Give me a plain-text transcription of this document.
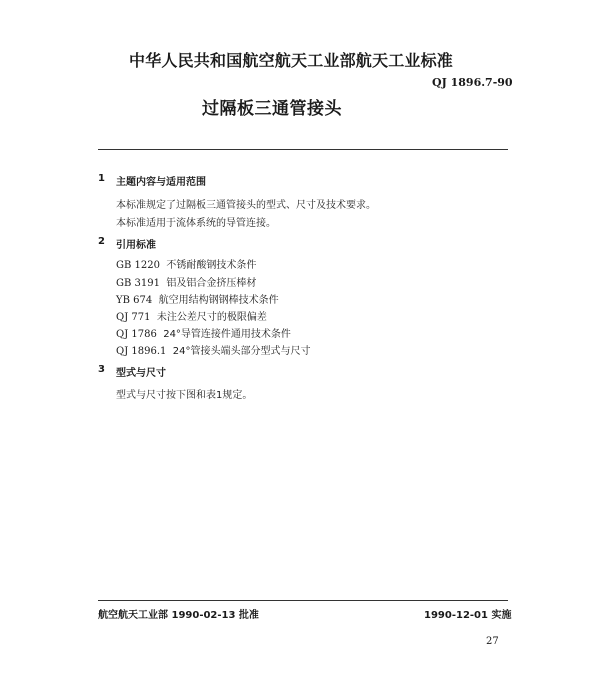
中华人民共和国航空航天工业部航天工业标准
QJ 1896.7-90
过隔板三通管接头
1 主题内容与适用范围
本标准规定了过隔板三通管接头的型式、尺寸及技术要求。
本标准适用于流体系统的导管连接。
2 引用标准
GB 1220 不锈耐酸钢技术条件
GB 3191 铝及铝合金挤压棒材
YB 674 航空用结构钢钢棒技术条件
QJ 771 未注公差尺寸的极限偏差
QJ 1786 24°导管连接件通用技术条件
QJ 1896.1 24°管接头端头部分型式与尺寸
3 型式与尺寸
型式与尺寸按下图和表1规定。
航空航天工业部 1990-02-13 批准	1990-12-01 实施
27
